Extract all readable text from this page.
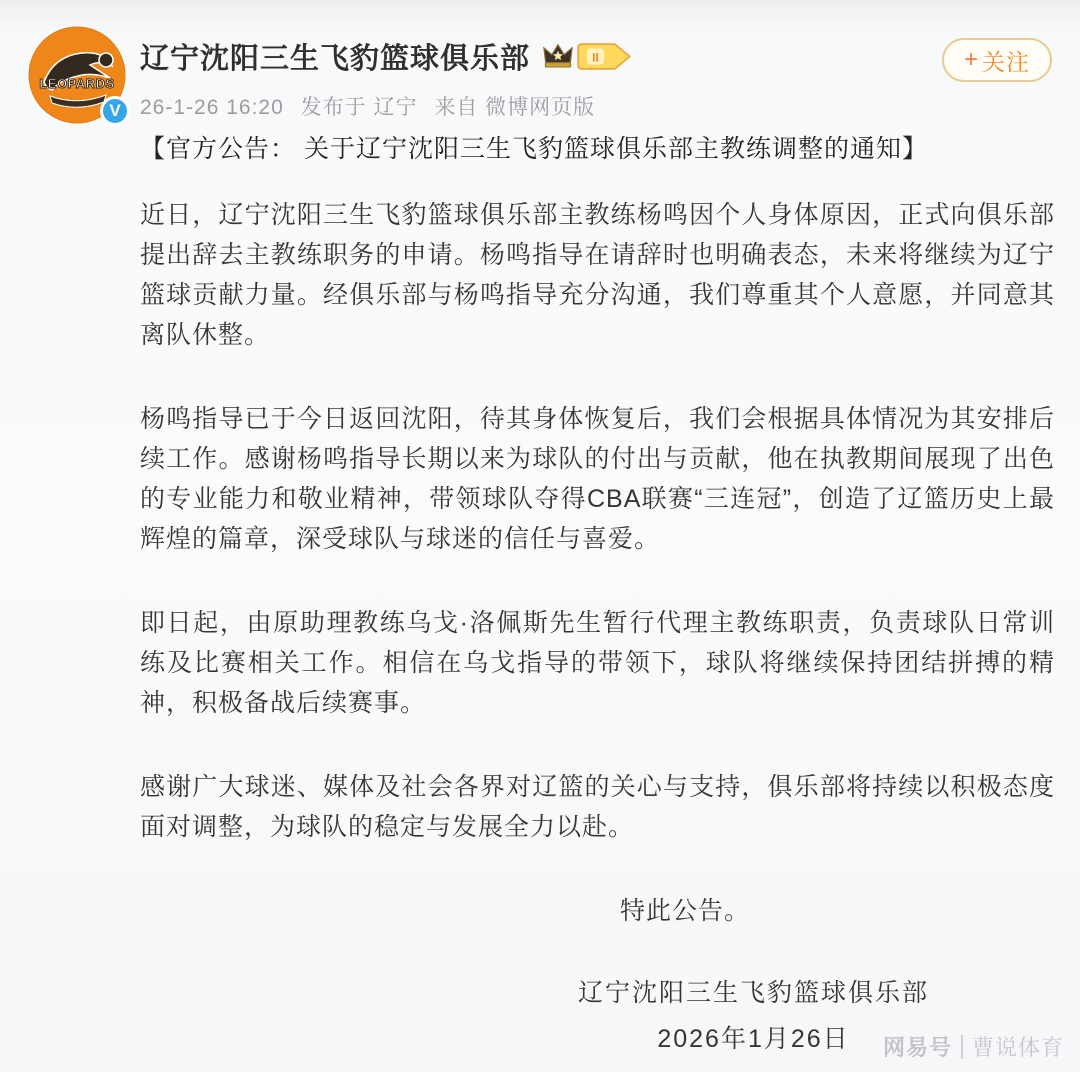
LEOPARDS
V
辽宁沈阳三生飞豹篮球俱乐部	II
26-1-26 16:20 发布于 辽宁 来自 微博网页版
+ 关注
【官方公告： 关于辽宁沈阳三生飞豹篮球俱乐部主教练调整的通知】

近日，辽宁沈阳三生飞豹篮球俱乐部主教练杨鸣因个人身体原因，正式向俱乐部提出辞去主教练职务的申请。杨鸣指导在请辞时也明确表态，未来将继续为辽宁篮球贡献力量。经俱乐部与杨鸣指导充分沟通，我们尊重其个人意愿，并同意其离队休整。

杨鸣指导已于今日返回沈阳，待其身体恢复后，我们会根据具体情况为其安排后续工作。感谢杨鸣指导长期以来为球队的付出与贡献，他在执教期间展现了出色的专业能力和敬业精神，带领球队夺得CBA联赛“三连冠”，创造了辽篮历史上最辉煌的篇章，深受球队与球迷的信任与喜爱。

即日起，由原助理教练乌戈·洛佩斯先生暂行代理主教练职责，负责球队日常训练及比赛相关工作。相信在乌戈指导的带领下，球队将继续保持团结拼搏的精神，积极备战后续赛事。

感谢广大球迷、媒体及社会各界对辽篮的关心与支持，俱乐部将持续以积极态度面对调整，为球队的稳定与发展全力以赴。

特此公告。
辽宁沈阳三生飞豹篮球俱乐部
2026年1月26日	网易号 曹说体育
